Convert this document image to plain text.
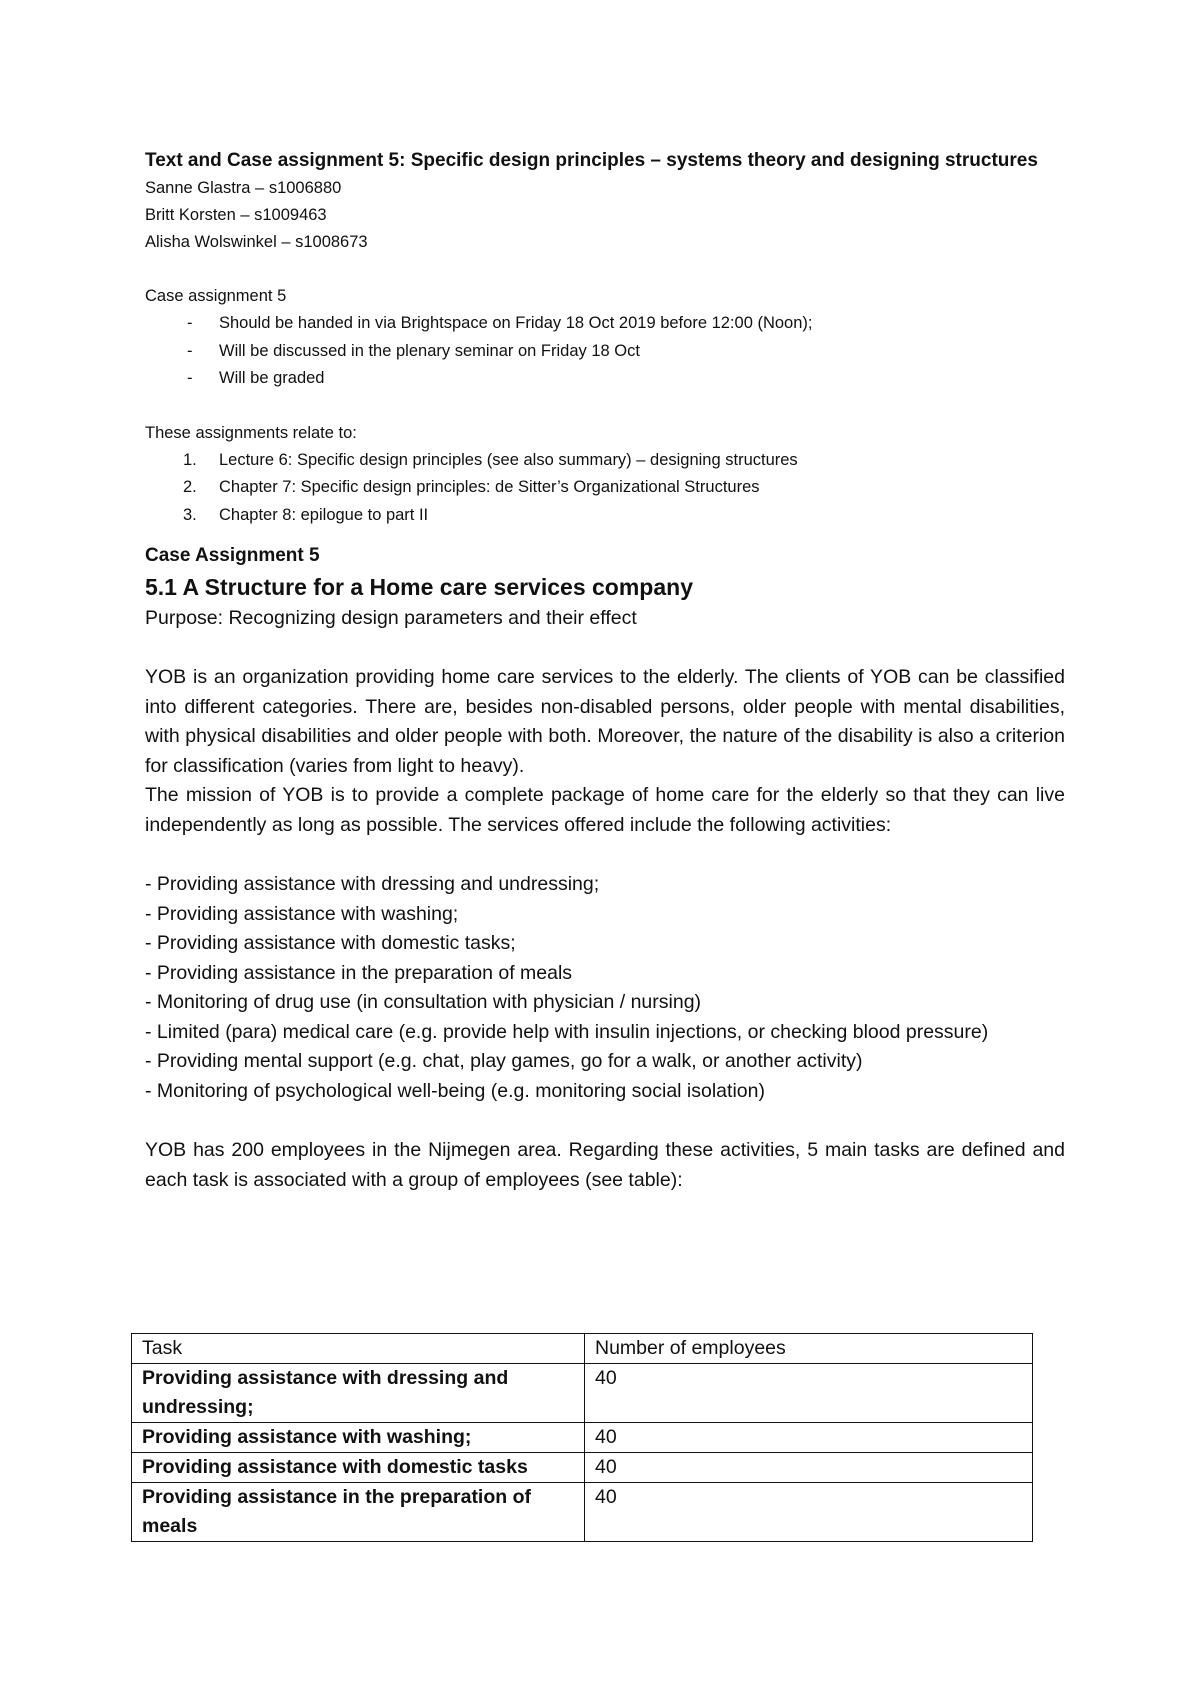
Text and Case assignment 5: Specific design principles – systems theory and designing structures

Sanne Glastra – s1006880
Britt Korsten – s1009463
Alisha Wolswinkel – s1008673
Case assignment 5
- Should be handed in via Brightspace on Friday 18 Oct 2019 before 12:00 (Noon);
- Will be discussed in the plenary seminar on Friday 18 Oct
- Will be graded
These assignments relate to:
1. Lecture 6: Specific design principles (see also summary) – designing structures
2. Chapter 7: Specific design principles: de Sitter’s Organizational Structures
3. Chapter 8: epilogue to part II
Case Assignment 5
5.1 A Structure for a Home care services company
Purpose: Recognizing design parameters and their effect
YOB is an organization providing home care services to the elderly. The clients of YOB can be classified into different categories. There are, besides non-disabled persons, older people with mental disabilities, with physical disabilities and older people with both. Moreover, the nature of the disability is also a criterion for classification (varies from light to heavy).
The mission of YOB is to provide a complete package of home care for the elderly so that they can live independently as long as possible. The services offered include the following activities:
- Providing assistance with dressing and undressing;
- Providing assistance with washing;
- Providing assistance with domestic tasks;
- Providing assistance in the preparation of meals
- Monitoring of drug use (in consultation with physician / nursing)
- Limited (para) medical care (e.g. provide help with insulin injections, or checking blood pressure)
- Providing mental support (e.g. chat, play games, go for a walk, or another activity)
- Monitoring of psychological well-being (e.g. monitoring social isolation)
YOB has 200 employees in the Nijmegen area. Regarding these activities, 5 main tasks are defined and each task is associated with a group of employees (see table):
Task	Number of employees
Providing assistance with dressing and undressing;	40
Providing assistance with washing;	40
Providing assistance with domestic tasks	40
Providing assistance in the preparation of meals	40
